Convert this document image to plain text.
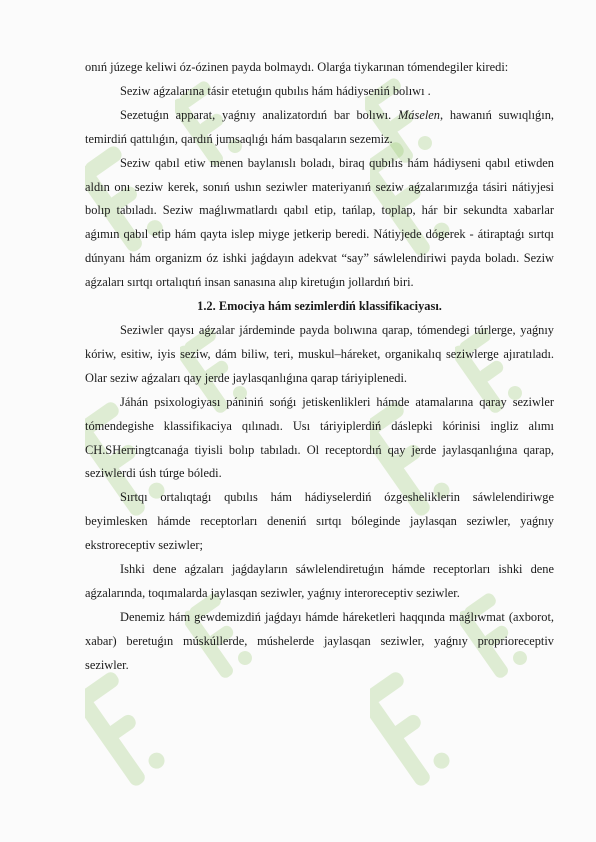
onıń júzege keliwi óz-ózinen payda bolmaydı. Olarǵa tiykarınan tómendegiler kiredi:

Seziw aǵzalarına tásir etetuǵın qubılıs hám hádiyseniń bolıwı .

Sezetuǵın apparat, yaǵnıy analizatordıń bar bolıwı. Máselen, hawanıń suwıqlıǵın, temirdiń qattılıǵın, qardıń jumsaqlıǵı hám basqaların sezemiz.

Seziw qabıl etiw menen baylanıslı boladı, biraq qubılıs hám hádiyseni qabıl etiwden aldın onı seziw kerek, sonıń ushın seziwler materiyanıń seziw aǵzalarımızǵa tásiri nátiyjesi bolıp tabıladı. Seziw maǵlıwmatlardı qabıl etip, tańlap, toplap, hár bir sekundta xabarlar aǵımın qabıl etip hám qayta islep miyge jetkerip beredi. Nátiyjede dógerek - átiraptaǵı sırtqı dúnyanı hám organizm óz ishki jaǵdayın adekvat “say” sáwlelendiriwi payda boladı. Seziw aǵzaları sırtqı ortalıqtıń insan sanasına alıp kiretuǵın jollardıń biri.

1.2. Emociya hám sezimlerdiń klassifikaciyası.

Seziwler qaysı aǵzalar járdeminde payda bolıwına qarap, tómendegi túrlerge, yaǵnıy kóriw, esitiw, iyis seziw, dám biliw, teri, muskul–háreket, organikalıq seziwlerge ajıratıladı. Olar seziw aǵzaları qay jerde jaylasqanlıǵına qarap táriyiplenedi.

Jáhán psixologiyası pániniń sońǵı jetiskenlikleri hámde atamalarına qaray seziwler tómendegishe klassifikaciya qılınadı. Usı táriyiplerdiń dáslepki kórinisi ingliz alımı CH.SHerringtcanaǵa tiyisli bolıp tabıladı. Ol receptordıń qay jerde jaylasqanlıǵına qarap, seziwlerdi úsh túrge bóledi.

Sırtqı ortalıqtaǵı qubılıs hám hádiyselerdiń ózgesheliklerin sáwlelendiriwge beyimlesken hámde receptorları deneniń sırtqı bóleginde jaylasqan seziwler, yaǵnıy ekstroreceptiv seziwler;

Ishki dene aǵzaları jaǵdayların sáwlelendiretuǵın hámde receptorları ishki dene aǵzalarında, toqımalarda jaylasqan seziwler, yaǵnıy interoreceptiv seziwler.

Denemiz hám gewdemizdiń jaǵdayı hámde háreketleri haqqında maǵlıwmat (axborot, xabar) beretuǵın múskúllerde, múshelerde jaylasqan seziwler, yaǵnıy proprioreceptiv seziwler.
